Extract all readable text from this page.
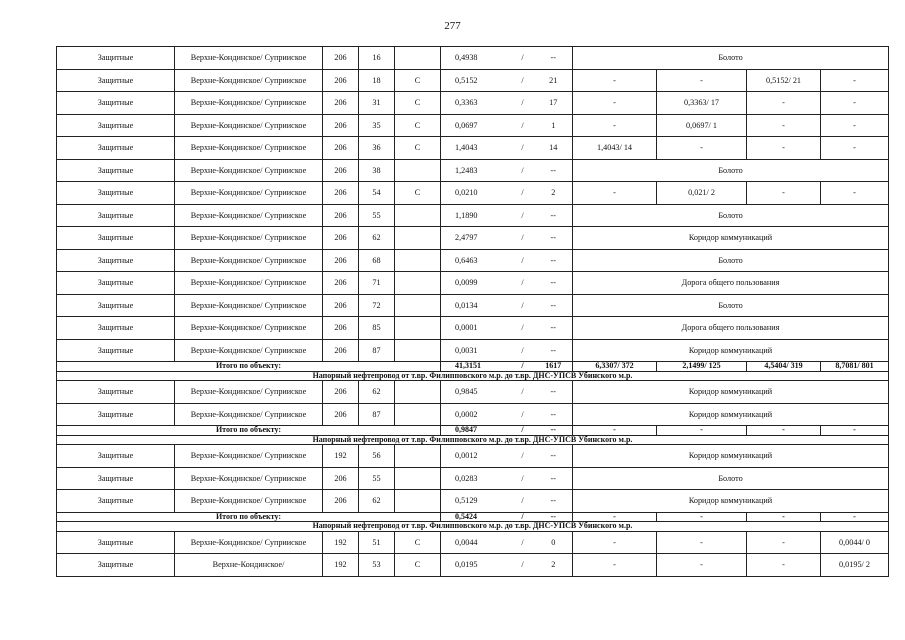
277
Защитные	Верхне-Кондинское/ Суприиское	206	16		0,4938	/	--	Болото			
Защитные	Верхне-Кондинское/ Суприиское	206	18	С	0,5152	/	21	-	-	0,5152/ 21	-
Защитные	Верхне-Кондинское/ Суприиское	206	31	С	0,3363	/	17	-	0,3363/ 17	-	-
Защитные	Верхне-Кондинское/ Суприиское	206	35	С	0,0697	/	1	-	0,0697/ 1	-	-
Защитные	Верхне-Кондинское/ Суприиское	206	36	С	1,4043	/	14	1,4043/ 14	-	-	-
Защитные	Верхне-Кондинское/ Суприиское	206	38		1,2483	/	--	Болото			
Защитные	Верхне-Кондинское/ Суприиское	206	54	С	0,0210	/	2	-	0,021/ 2	-	-
Защитные	Верхне-Кондинское/ Суприиское	206	55		1,1890	/	--	Болото			
Защитные	Верхне-Кондинское/ Суприиское	206	62		2,4797	/	--	Коридор коммуникаций			
Защитные	Верхне-Кондинское/ Суприиское	206	68		0,6463	/	--	Болото			
Защитные	Верхне-Кондинское/ Суприиское	206	71		0,0099	/	--	Дорога общего пользования			
Защитные	Верхне-Кондинское/ Суприиское	206	72		0,0134	/	--	Болото			
Защитные	Верхне-Кондинское/ Суприиское	206	85		0,0001	/	--	Дорога общего пользования			
Защитные	Верхне-Кондинское/ Суприиское	206	87		0,0031	/	--	Коридор коммуникаций			
Итого по объекту:					41,3151	/	1617	6,3307/ 372	2,1499/ 125	4,5404/ 319	8,7081/ 801
Напорный нефтепровод от т.вр. Филипповского м.р. до т.вр. ДНС-УПСВ Убинского м.р.											
Защитные	Верхне-Кондинское/ Суприиское	206	62		0,9845	/	--	Коридор коммуникаций			
Защитные	Верхне-Кондинское/ Суприиское	206	87		0,0002	/	--	Коридор коммуникаций			
Итого по объекту:					0,9847	/	--	-	-	-	-
Напорный нефтепровод от т.вр. Филипповского м.р. до т.вр. ДНС-УПСВ Убинского м.р.											
Защитные	Верхне-Кондинское/ Суприиское	192	56		0,0012	/	--	Коридор коммуникаций			
Защитные	Верхне-Кондинское/ Суприиское	206	55		0,0283	/	--	Болото			
Защитные	Верхне-Кондинское/ Суприиское	206	62		0,5129	/	--	Коридор коммуникаций			
Итого по объекту:					0,5424	/	--	-	-	-	-
Напорный нефтепровод от т.вр. Филипповского м.р. до т.вр. ДНС-УПСВ Убинского м.р.											
Защитные	Верхне-Кондинское/ Суприиское	192	51	С	0,0044	/	0	-	-	-	0,0044/ 0
Защитные	Верхне-Кондинское/	192	53	С	0,0195	/	2	-	-	-	0,0195/ 2
